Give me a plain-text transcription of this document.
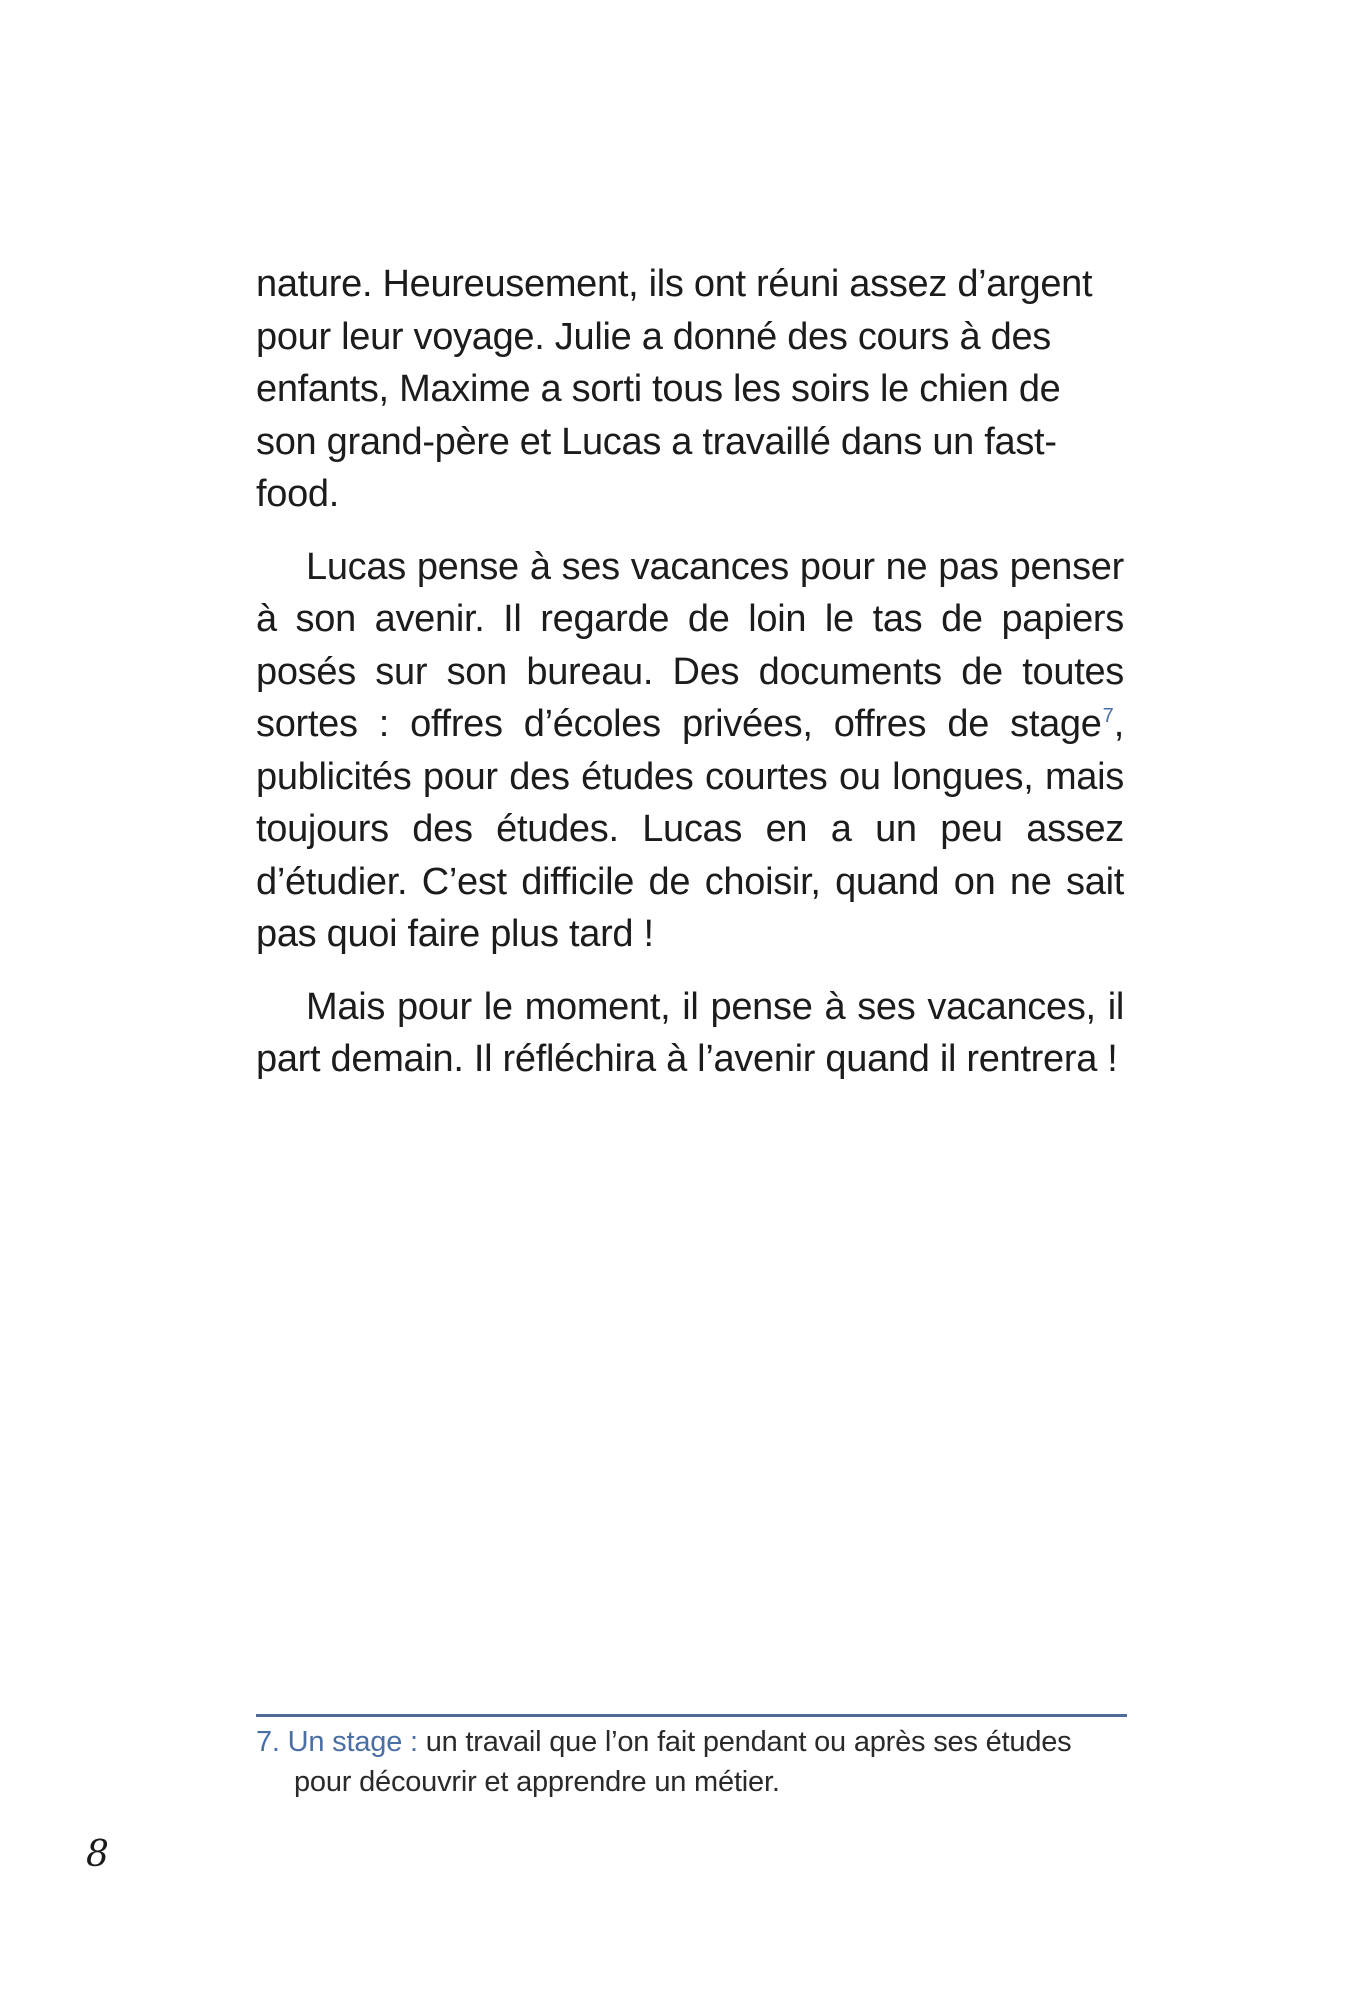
nature. Heureusement, ils ont réuni assez d’argent pour leur voyage. Julie a donné des cours à des enfants, Maxime a sorti tous les soirs le chien de son grand-père et Lucas a travaillé dans un fast-food.

Lucas pense à ses vacances pour ne pas penser à son avenir. Il regarde de loin le tas de papiers posés sur son bureau. Des documents de toutes sortes : offres d’écoles privées, offres de stage$^7$, publicités pour des études courtes ou longues, mais toujours des études. Lucas en a un peu assez d’étudier. C’est difficile de choisir, quand on ne sait pas quoi faire plus tard !

Mais pour le moment, il pense à ses vacances, il part demain. Il réfléchira à l’avenir quand il rentrera !

7. Un stage : un travail que l’on fait pendant ou après ses études
pour découvrir et apprendre un métier.
8
